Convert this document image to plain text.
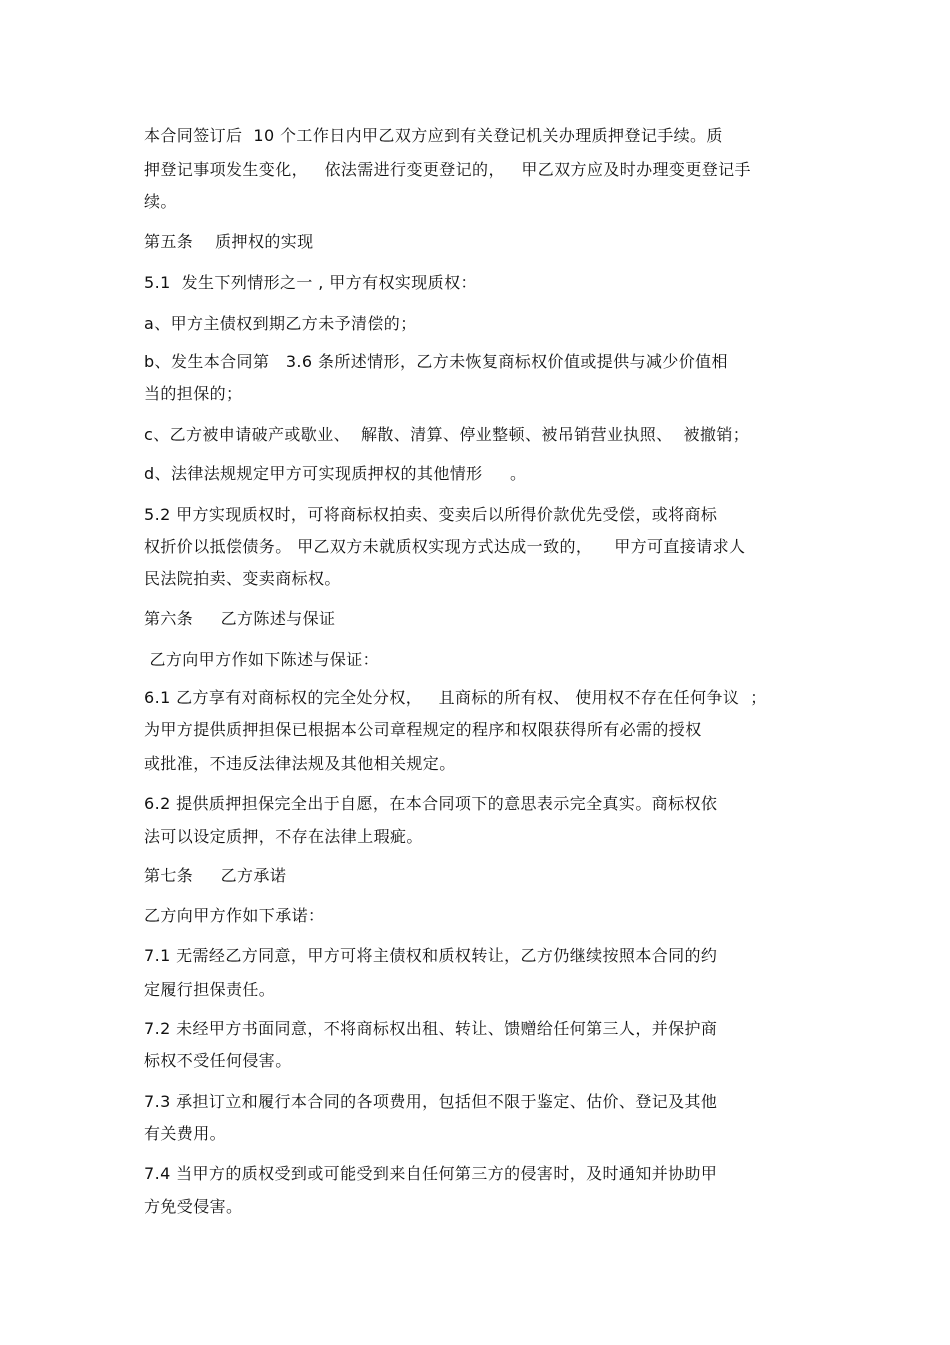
本合同签订后  10 个工作日内甲乙双方应到有关登记机关办理质押登记手续。质
押登记事项发生变化，   依法需进行变更登记的，   甲乙双方应及时办理变更登记手
续。
第五条    质押权的实现
5.1  发生下列情形之一 , 甲方有权实现质权：
a、甲方主债权到期乙方未予清偿的；
b、发生本合同第   3.6 条所述情形，乙方未恢复商标权价值或提供与减少价值相
当的担保的；
c、乙方被申请破产或歇业、  解散、清算、停业整顿、被吊销营业执照、  被撤销；
d、法律法规规定甲方可实现质押权的其他情形     。
5.2 甲方实现质权时，可将商标权拍卖、变卖后以所得价款优先受偿，或将商标
权折价以抵偿债务。 甲乙双方未就质权实现方式达成一致的，    甲方可直接请求人
民法院拍卖、变卖商标权。
第六条     乙方陈述与保证
乙方向甲方作如下陈述与保证：
6.1 乙方享有对商标权的完全处分权，   且商标的所有权、 使用权不存在任何争议  ；
为甲方提供质押担保已根据本公司章程规定的程序和权限获得所有必需的授权
或批准，不违反法律法规及其他相关规定。
6.2 提供质押担保完全出于自愿，在本合同项下的意思表示完全真实。商标权依
法可以设定质押，不存在法律上瑕疵。
第七条     乙方承诺
乙方向甲方作如下承诺：
7.1 无需经乙方同意，甲方可将主债权和质权转让，乙方仍继续按照本合同的约
定履行担保责任。
7.2 未经甲方书面同意，不将商标权出租、转让、馈赠给任何第三人，并保护商
标权不受任何侵害。
7.3 承担订立和履行本合同的各项费用，包括但不限于鉴定、估价、登记及其他
有关费用。
7.4 当甲方的质权受到或可能受到来自任何第三方的侵害时，及时通知并协助甲
方免受侵害。
